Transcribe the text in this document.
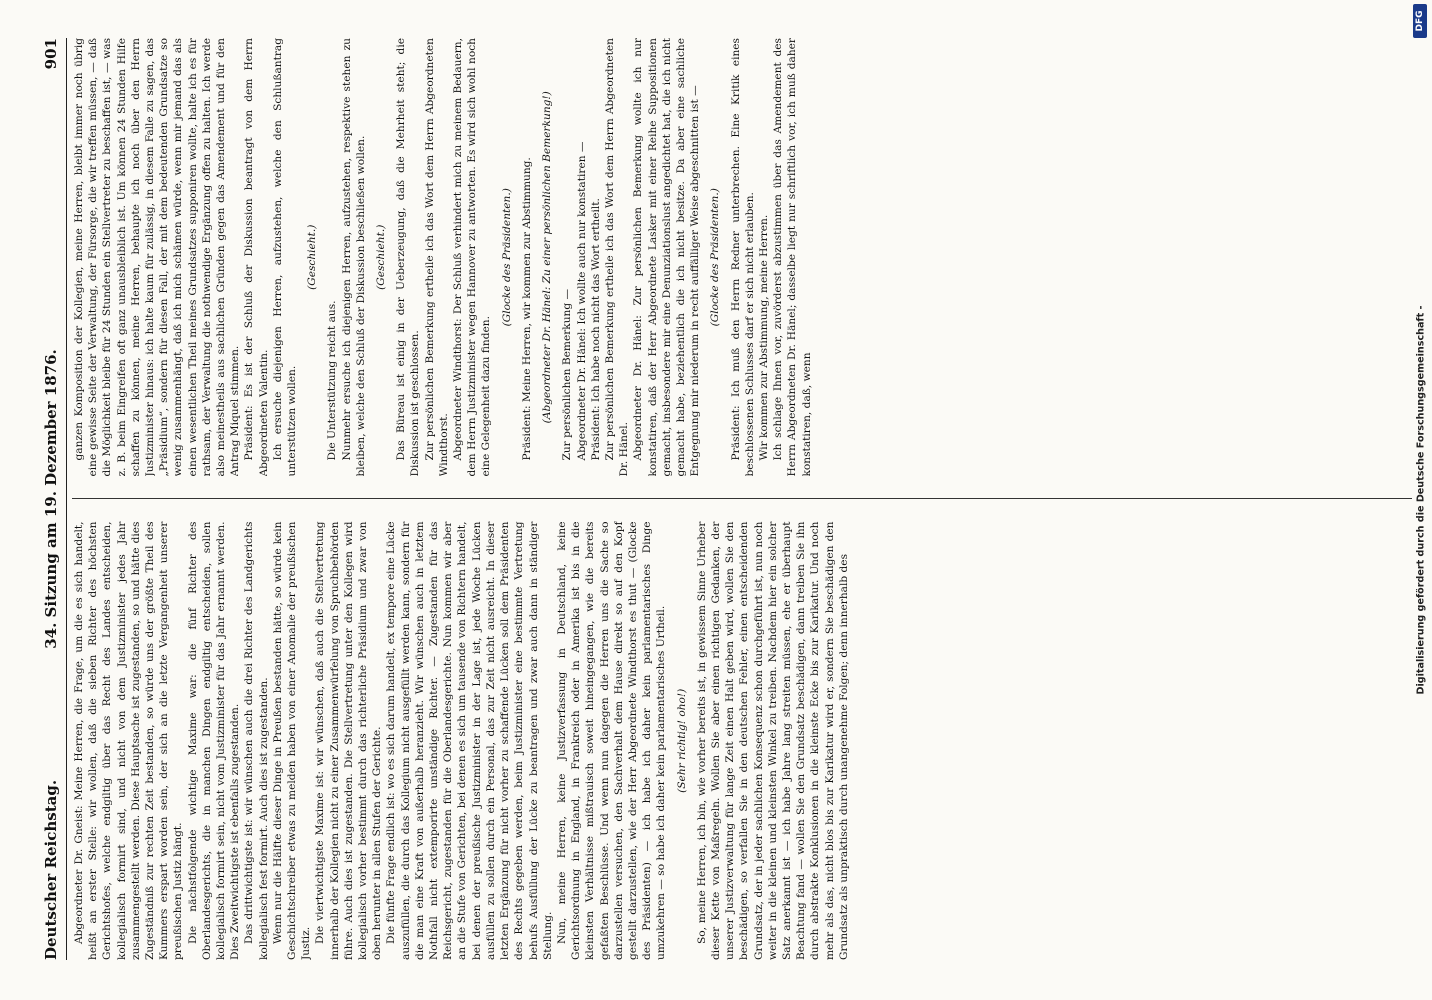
Deutscher Reichstag.
34. Sitzung am 19. Dezember 1876.
901

Abgeordneter Dr. Gneist: Meine Herren, die Frage, um die es sich handelt, heißt an erster Stelle: wir wollen, daß die sieben Richter des höchsten Gerichtshofes, welche endgiltig über das Recht des Landes entscheiden, kollegialisch formirt sind, und nicht von dem Justizminister jedes Jahr zusammengestellt werden. Diese Hauptsache ist zugestanden, so und hätte dies Zugeständniß zur rechten Zeit bestanden, so würde uns der größte Theil des Kummers erspart worden sein, der sich an die letzte Vergangenheit unserer preußischen Justiz hängt. Die nächstfolgende wichtige Maxime war: die fünf Richter des Oberlandesgerichts, die in manchen Dingen endgiltig entscheiden, sollen kollegialisch formirt sein, nicht vom Justizminister für das Jahr ernannt werden. Dies Zweitwichtigste ist ebenfalls zugestanden. Das drittwichtigste ist: wir wünschen auch die drei Richter des Landgerichts kollegialisch fest formirt. Auch dies ist zugestanden. Wenn nur die Hälfte dieser Dinge in Preußen bestanden hätte, so würde kein Geschichtschreiber etwas zu melden haben von einer Anomalie der preußischen Justiz. Die viertwichtigste Maxime ist: wir wünschen, daß auch die Stellvertretung innerhalb der Kollegien nicht zu einer Zusammenwürfelung von Spruchbehörden führe. Auch dies ist zugestanden. Die Stellvertretung unter den Kollegen wird kollegialisch vorher bestimmt durch das richterliche Präsidium und zwar von oben herunter in allen Stufen der Gerichte. Die fünfte Frage endlich ist: wo es sich darum handelt, ex tempore eine Lücke auszufüllen, die durch das Kollegium nicht ausgefüllt werden kann, sondern für die man eine Kraft von außerhalb heranzieht. Wir wünschen auch in letztem Nothfall nicht extemporirte unständige Richter. — Zugestanden für das Reichsgericht, zugestanden für die Oberlandesgerichte. Nun kommen wir aber an die Stufe von Gerichten, bei denen es sich um tausende von Richtern handelt, bei denen der preußische Justizminister in der Lage ist, jede Woche Lücken ausfüllen zu sollen durch ein Personal, das zur Zeit nicht ausreicht. In dieser letzten Ergänzung für nicht vorher zu schaffende Lücken soll dem Präsidenten des Rechts gegeben werden, beim Justizminister eine bestimmte Vertretung behufs Ausfüllung der Lücke zu beantragen und zwar auch dann in ständiger Stellung. Nun, meine Herren, keine Justizverfassung in Deutschland, keine Gerichtsordnung in England, in Frankreich oder in Amerika ist bis in die kleinsten Verhältnisse mißtrauisch soweit hineingegangen, wie die bereits gefaßten Beschlüsse. Und wenn nun dagegen die Herren uns die Sache so darzustellen versuchen, den Sachverhalt dem Hause direkt so auf den Kopf gestellt darzustellen, wie der Herr Abgeordnete Windthorst es thut — (Glocke des Präsidenten) — ich habe ich daher kein parlamentarisches Dinge umzukehren — so habe ich daher kein parlamentarisches Urtheil. (Sehr richtig! oho!) So, meine Herren, ich bin, wie vorher bereits ist, in gewissem Sinne Urheber dieser Kette von Maßregeln. Wollen Sie aber einen richtigen Gedanken, der unserer Justizverwaltung für lange Zeit einen Halt geben wird, wollen Sie den beschädigen, so verfallen Sie in den deutschen Fehler, einen entscheidenden Grundsatz, der in jeder sachlichen Konsequenz schon durchgeführt ist, nun noch weiter in die kleinen und kleinsten Winkel zu treiben. Nachdem hier ein solcher Satz anerkannt ist — ich habe Jahre lang streiten müssen, ehe er überhaupt Beachtung fand — wollen Sie den Grundsatz beschädigen, dann treiben Sie ihn durch abstrakte Konklusionen in die kleinste Ecke bis zur Karikatur. Und noch mehr als das, nicht blos bis zur Karikatur wird er, sondern Sie beschädigen den Grundsatz als unpraktisch durch unangenehme Folgen; denn innerhalb des

ganzen Komposition der Kollegien, meine Herren, bleibt immer noch übrig eine gewisse Seite der Verwaltung, der Fürsorge, die wir treffen müssen, — daß die Möglichkeit bleibe für 24 Stunden ein Stellvertreter zu beschaffen ist, — was z. B. beim Eingreifen oft ganz unausbleiblich ist. Um können 24 Stunden Hilfe schaffen zu können, meine Herren, behaupte ich noch über den Herrn Justizminister hinaus: ich halte kaum für zulässig, in diesem Falle zu sagen, das „Präsidium“, sondern für diesen Fall, der mit dem bedeutenden Grundsatze so wenig zusammenhängt, daß ich mich schämen würde, wenn mir jemand das als einen wesentlichen Theil meines Grundsatzes supponiren wollte, halte ich es für rathsam, der Verwaltung die nothwendige Ergänzung offen zu halten. Ich werde also meinestheils aus sachlichen Gründen gegen das Amendement und für den Antrag Miquel stimmen. Präsident: Es ist der Schluß der Diskussion beantragt von dem Herrn Abgeordneten Valentin. Ich ersuche diejenigen Herren, aufzustehen, welche den Schlußantrag unterstützen wollen.

(Geschieht.)

Die Unterstützung reicht aus. Nunmehr ersuche ich diejenigen Herren, aufzustehen, respektive stehen zu bleiben, welche den Schluß der Diskussion beschließen wollen. (Geschieht.) Das Büreau ist einig in der Ueberzeugung, daß die Mehrheit steht; die Diskussion ist geschlossen. Zur persönlichen Bemerkung ertheile ich das Wort dem Herrn Abgeordneten Windthorst. Abgeordneter Windthorst: Der Schluß verhindert mich zu meinem Bedauern, dem Herrn Justizminister wegen Hannover zu antworten. Es wird sich wohl noch eine Gelegenheit dazu finden.

(Glocke des Präsidenten.) Präsident: Meine Herren, wir kommen zur Abstimmung. (Abgeordneter Dr. Hänel: Zu einer persönlichen Bemerkung!) Zur persönlichen Bemerkung — Abgeordneter Dr. Hänel: Ich wollte auch nur konstatiren — Präsident: Ich habe noch nicht das Wort ertheilt. Zur persönlichen Bemerkung ertheile ich das Wort dem Herrn Abgeordneten Dr. Hänel. Abgeordneter Dr. Hänel: Zur persönlichen Bemerkung wollte ich nur konstatiren, daß der Herr Abgeordnete Lasker mit einer Reihe Suppositionen gemacht, insbesondere mir eine Denunziationslust angedichtet hat, die ich nicht gemacht habe, beziehentlich die ich nicht besitze. Da aber eine sachliche Entgegnung mir niederum in recht auffälliger Weise abgeschnitten ist — (Glocke des Präsidenten.) Präsident: Ich muß den Herrn Redner unterbrechen. Eine Kritik eines beschlossenen Schlusses darf er sich nicht erlauben. Wir kommen zur Abstimmung, meine Herren. Ich schlage Ihnen vor, zuvörderst abzustimmen über das Amendement des Herrn Abgeordneten Dr. Hänel; dasselbe liegt nur schriftlich vor, ich muß daher konstatiren, daß, wenn	Digitalisierung gefördert durch die Deutsche Forschungsgemeinschaft -
DFG
